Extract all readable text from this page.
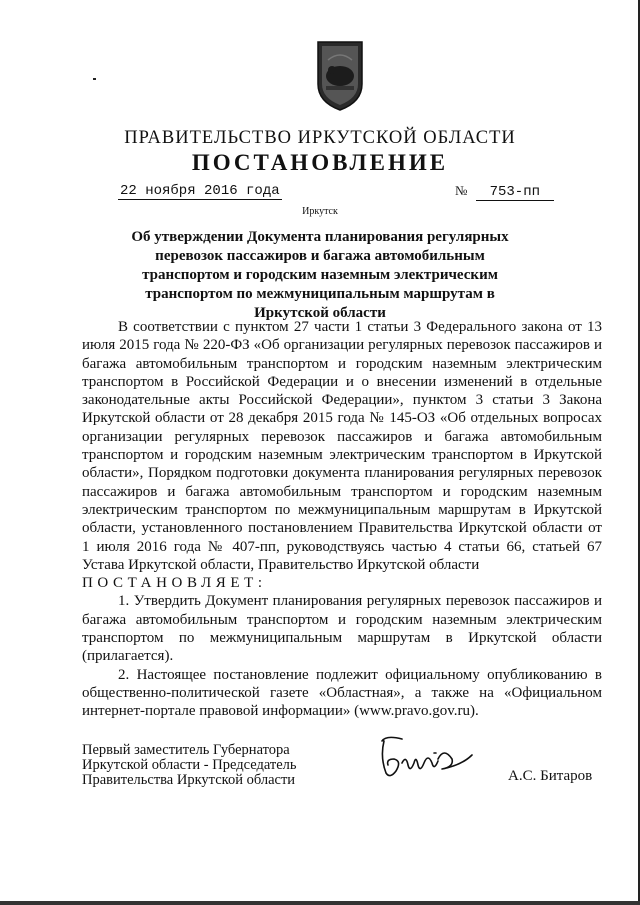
ПРАВИТЕЛЬСТВО ИРКУТСКОЙ ОБЛАСТИ
ПОСТАНОВЛЕНИЕ
22 ноября 2016 года	№ 753-пп
Иркутск
Об утверждении Документа планирования регулярных перевозок пассажиров и багажа автомобильным транспортом и городским наземным электрическим транспортом по межмуниципальным маршрутам в Иркутской области

В соответствии с пунктом 27 части 1 статьи 3 Федерального закона от 13 июля 2015 года № 220-ФЗ «Об организации регулярных перевозок пассажиров и багажа автомобильным транспортом и городским наземным электрическим транспортом в Российской Федерации и о внесении изменений в отдельные законодательные акты Российской Федерации», пунктом 3 статьи 3 Закона Иркутской области от 28 декабря 2015 года № 145-ОЗ «Об отдельных вопросах организации регулярных перевозок пассажиров и багажа автомобильным транспортом и городским наземным электрическим транспортом в Иркутской области», Порядком подготовки документа планирования регулярных перевозок пассажиров и багажа автомобильным транспортом и городским наземным электрическим транспортом по межмуниципальным маршрутам в Иркутской области, установленного постановлением Правительства Иркутской области от 1 июля 2016 года № 407-пп, руководствуясь частью 4 статьи 66, статьей 67 Устава Иркутской области, Правительство Иркутской области

ПОСТАНОВЛЯЕТ:

1. Утвердить Документ планирования регулярных перевозок пассажиров и багажа автомобильным транспортом и городским наземным электрическим транспортом по межмуниципальным маршрутам в Иркутской области (прилагается).

2. Настоящее постановление подлежит официальному опубликованию в общественно-политической газете «Областная», а также на «Официальном интернет-портале правовой информации» (www.pravo.gov.ru).

Первый заместитель Губернатора
Иркутской области - Председатель
Правительства Иркутской области	А.С. Битаров
